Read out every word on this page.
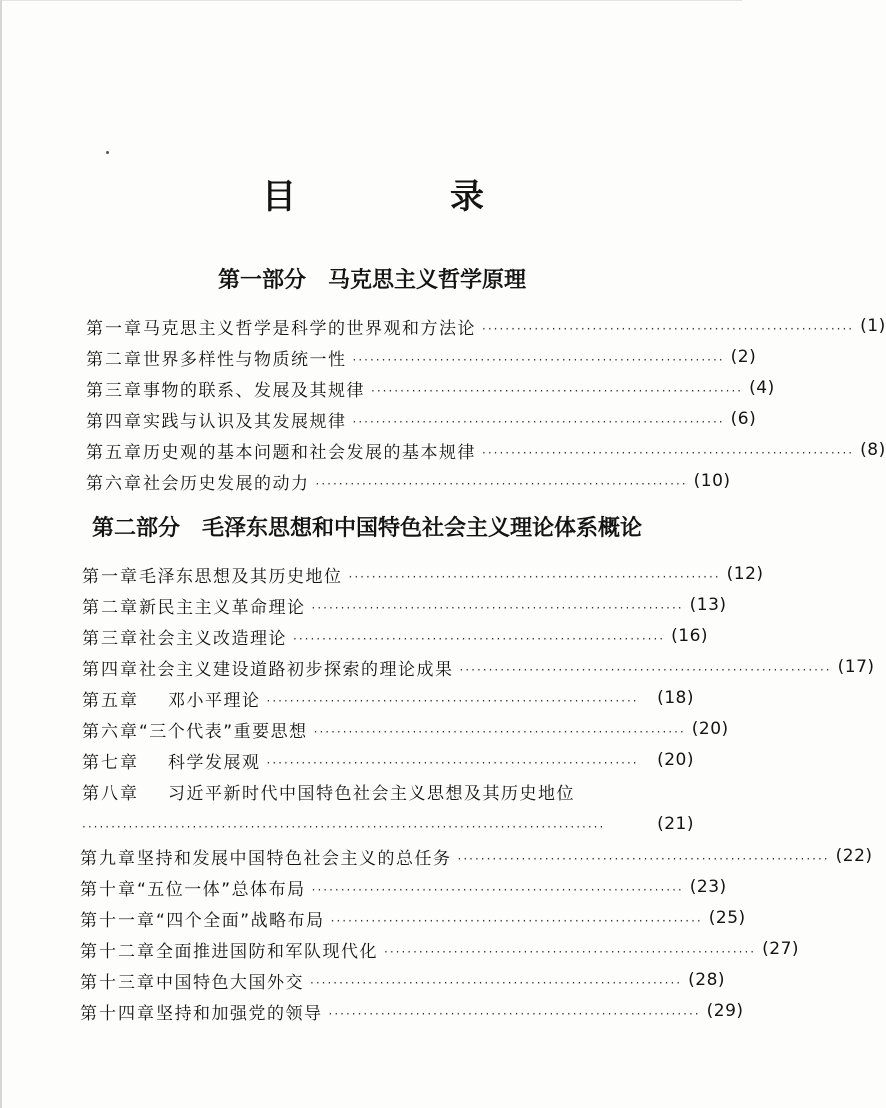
目　录
第一部分 马克思主义哲学原理
第一章 马克思主义哲学是科学的世界观和方法论 ································································ (1)
第二章 世界多样性与物质统一性 ································································ (2)
第三章 事物的联系、发展及其规律 ································································ (4)
第四章 实践与认识及其发展规律 ································································ (6)
第五章 历史观的基本问题和社会发展的基本规律 ································································ (8)
第六章 社会历史发展的动力 ································································ (10)
第二部分 毛泽东思想和中国特色社会主义理论体系概论
第一章 毛泽东思想及其历史地位 ································································ (12)
第二章 新民主主义革命理论 ································································ (13)
第三章 社会主义改造理论 ································································ (16)
第四章 社会主义建设道路初步探索的理论成果 ································································ (17)
第五章	邓小平理论 ································································	(18)
第六章 “三个代表”重要思想 ································································ (20)
第七章	科学发展观 ································································	(20)
第八章	习近平新时代中国特色社会主义思想及其历史地位
··························································································	(21)
第九章 坚持和发展中国特色社会主义的总任务 ································································ (22)
第十章 “五位一体”总体布局 ································································ (23)
第十一章 “四个全面”战略布局 ································································ (25)
第十二章 全面推进国防和军队现代化 ································································ (27)
第十三章 中国特色大国外交 ································································ (28)
第十四章 坚持和加强党的领导 ································································ (29)
